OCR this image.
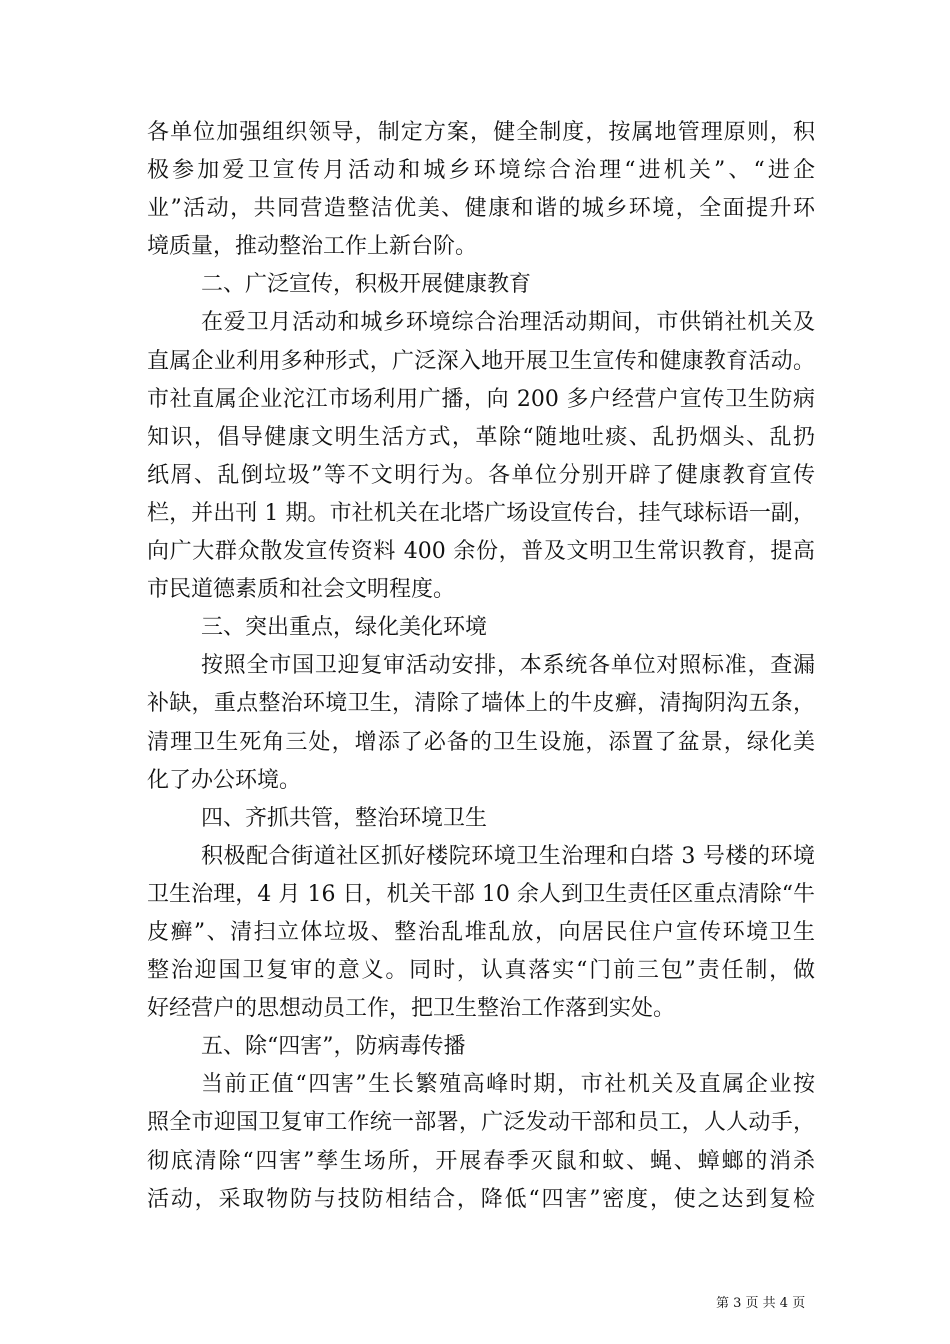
各单位加强组织领导，制定方案，健全制度，按属地管理原则，积
极参加爱卫宣传月活动和城乡环境综合治理“进机关”、“进企
业”活动，共同营造整洁优美、健康和谐的城乡环境，全面提升环
境质量，推动整治工作上新台阶。
二、广泛宣传，积极开展健康教育
在爱卫月活动和城乡环境综合治理活动期间，市供销社机关及
直属企业利用多种形式，广泛深入地开展卫生宣传和健康教育活动。
市社直属企业沱江市场利用广播，向 200 多户经营户宣传卫生防病
知识，倡导健康文明生活方式，革除“随地吐痰、乱扔烟头、乱扔
纸屑、乱倒垃圾”等不文明行为。各单位分别开辟了健康教育宣传
栏，并出刊 1 期。市社机关在北塔广场设宣传台，挂气球标语一副，
向广大群众散发宣传资料 400 余份，普及文明卫生常识教育，提高
市民道德素质和社会文明程度。
三、突出重点，绿化美化环境
按照全市国卫迎复审活动安排，本系统各单位对照标准，查漏
补缺，重点整治环境卫生，清除了墙体上的牛皮癣，清掏阴沟五条，
清理卫生死角三处，增添了必备的卫生设施，添置了盆景，绿化美
化了办公环境。
四、齐抓共管，整治环境卫生
积极配合街道社区抓好楼院环境卫生治理和白塔 3 号楼的环境
卫生治理，4 月 16 日，机关干部 10 余人到卫生责任区重点清除“牛
皮癣”、清扫立体垃圾、整治乱堆乱放，向居民住户宣传环境卫生
整治迎国卫复审的意义。同时，认真落实“门前三包”责任制，做
好经营户的思想动员工作，把卫生整治工作落到实处。
五、除“四害”，防病毒传播
当前正值“四害”生长繁殖高峰时期，市社机关及直属企业按
照全市迎国卫复审工作统一部署，广泛发动干部和员工，人人动手，
彻底清除“四害”孳生场所，开展春季灭鼠和蚊、蝇、蟑螂的消杀
活动，采取物防与技防相结合，降低“四害”密度，使之达到复检
第 3 页 共 4 页
